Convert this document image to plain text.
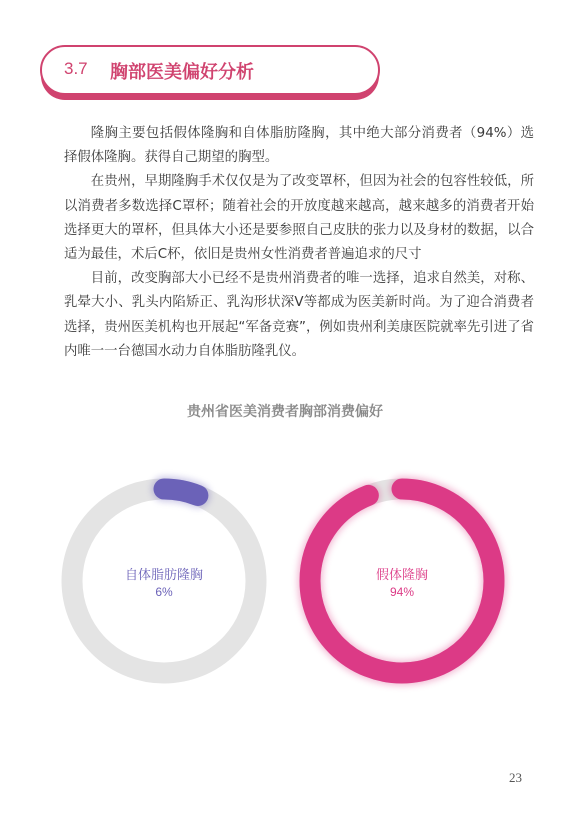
3.7 胸部医美偏好分析

隆胸主要包括假体隆胸和自体脂肪隆胸，其中绝大部分消费者（94%）选择假体隆胸。获得自己期望的胸型。

在贵州，早期隆胸手术仅仅是为了改变罩杯，但因为社会的包容性较低，所以消费者多数选择C罩杯；随着社会的开放度越来越高，越来越多的消费者开始选择更大的罩杯，但具体大小还是要参照自己皮肤的张力以及身材的数据，以合适为最佳，术后C杯，依旧是贵州女性消费者普遍追求的尺寸

目前，改变胸部大小已经不是贵州消费者的唯一选择，追求自然美，对称、乳晕大小、乳头内陷矫正、乳沟形状深V等都成为医美新时尚。为了迎合消费者选择，贵州医美机构也开展起“军备竞赛”，例如贵州利美康医院就率先引进了省内唯一一台德国水动力自体脂肪隆乳仪。

贵州省医美消费者胸部消费偏好
自体脂肪隆胸
6%
假体隆胸
94%
23
